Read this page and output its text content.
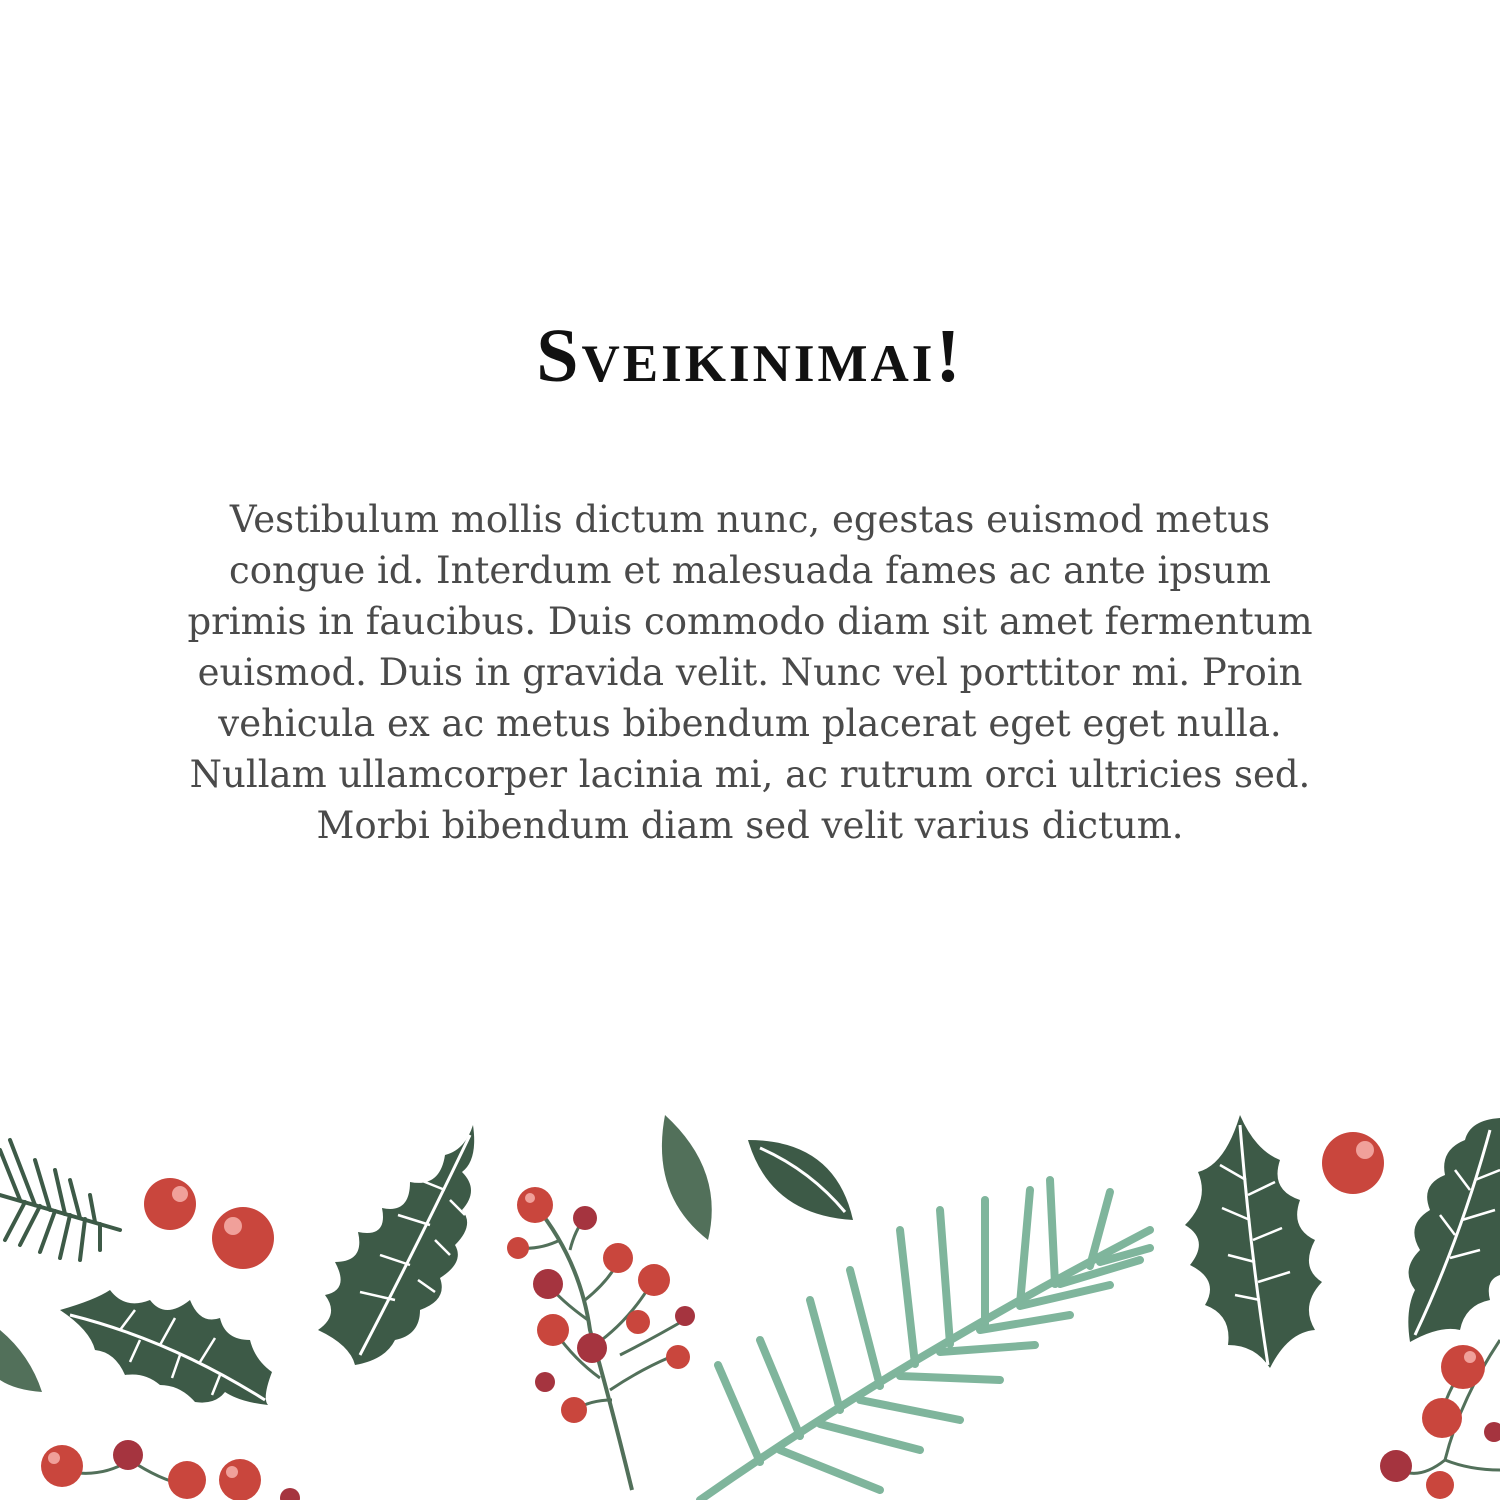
Sveikinimai!

Vestibulum mollis dictum nunc, egestas euismod metus congue id. Interdum et malesuada fames ac ante ipsum primis in faucibus. Duis commodo diam sit amet fermentum euismod. Duis in gravida velit. Nunc vel porttitor mi. Proin vehicula ex ac metus bibendum placerat eget eget nulla. Nullam ullamcorper lacinia mi, ac rutrum orci ultricies sed. Morbi bibendum diam sed velit varius dictum.
